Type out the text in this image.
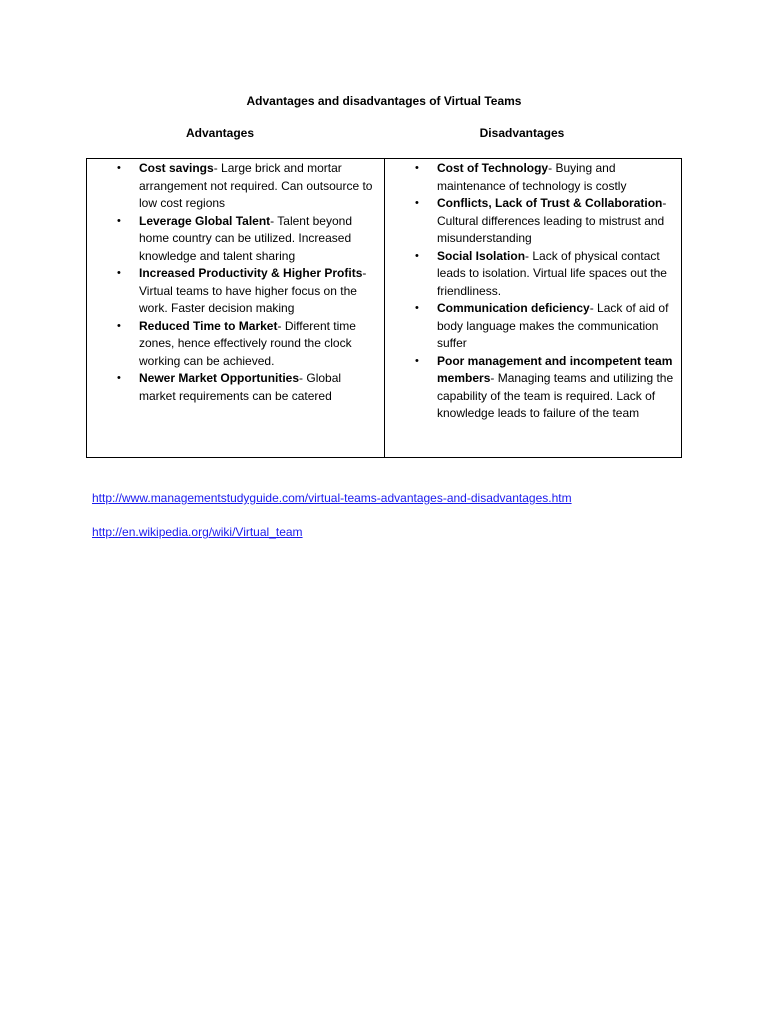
Advantages and disadvantages of Virtual Teams
Advantages	Disadvantages
• Cost savings- Large brick and mortar arrangement not required. Can outsource to low cost regions
• Leverage Global Talent- Talent beyond home country can be utilized. Increased knowledge and talent sharing
• Increased Productivity & Higher Profits- Virtual teams to have higher focus on the work. Faster decision making
• Reduced Time to Market- Different time zones, hence effectively round the clock working can be achieved.
• Newer Market Opportunities- Global market requirements can be catered
• Cost of Technology- Buying and maintenance of technology is costly
• Conflicts, Lack of Trust & Collaboration- Cultural differences leading to mistrust and misunderstanding
• Social Isolation- Lack of physical contact leads to isolation. Virtual life spaces out the friendliness.
• Communication deficiency- Lack of aid of body language makes the communication suffer
• Poor management and incompetent team members- Managing teams and utilizing the capability of the team is required. Lack of knowledge leads to failure of the team
http://www.managementstudyguide.com/virtual-teams-advantages-and-disadvantages.htm
http://en.wikipedia.org/wiki/Virtual_team
